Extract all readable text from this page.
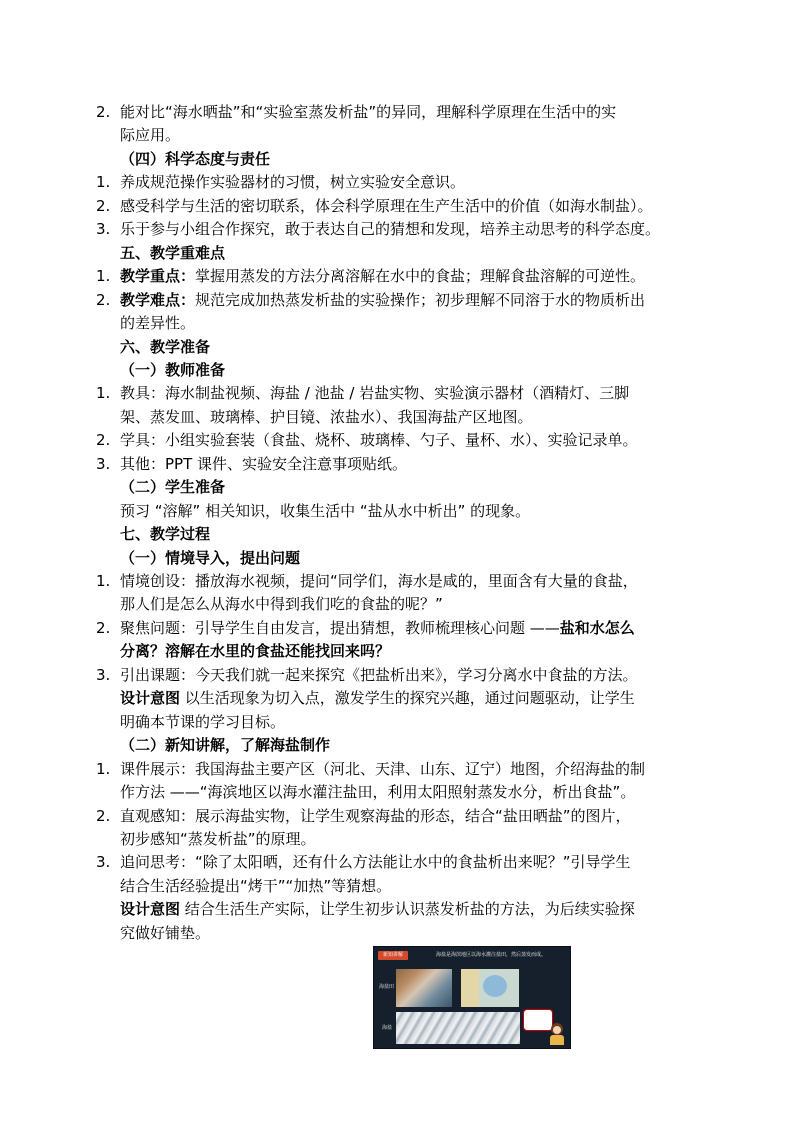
2. 能对比“海水晒盐”和“实验室蒸发析盐”的异同，理解科学原理在生活中的实
际应用。
（四）科学态度与责任
1. 养成规范操作实验器材的习惯，树立实验安全意识。
2. 感受科学与生活的密切联系，体会科学原理在生产生活中的价值（如海水制盐）。
3. 乐于参与小组合作探究，敢于表达自己的猜想和发现，培养主动思考的科学态度。
五、教学重难点
1. 教学重点：掌握用蒸发的方法分离溶解在水中的食盐；理解食盐溶解的可逆性。
2. 教学难点：规范完成加热蒸发析盐的实验操作；初步理解不同溶于水的物质析出
的差异性。
六、教学准备
（一）教师准备
1. 教具：海水制盐视频、海盐 / 池盐 / 岩盐实物、实验演示器材（酒精灯、三脚
架、蒸发皿、玻璃棒、护目镜、浓盐水）、我国海盐产区地图。
2. 学具：小组实验套装（食盐、烧杯、玻璃棒、勺子、量杯、水）、实验记录单。
3. 其他：PPT 课件、实验安全注意事项贴纸。
（二）学生准备
预习 “溶解” 相关知识，收集生活中 “盐从水中析出” 的现象。
七、教学过程
（一）情境导入，提出问题
1. 情境创设：播放海水视频，提问“同学们，海水是咸的，里面含有大量的食盐，
那人们是怎么从海水中得到我们吃的食盐的呢？”
2. 聚焦问题：引导学生自由发言，提出猜想，教师梳理核心问题 ——盐和水怎么
分离？溶解在水里的食盐还能找回来吗？
3. 引出课题：今天我们就一起来探究《把盐析出来》，学习分离水中食盐的方法。
设计意图 以生活现象为切入点，激发学生的探究兴趣，通过问题驱动，让学生
明确本节课的学习目标。
（二）新知讲解，了解海盐制作
1. 课件展示：我国海盐主要产区（河北、天津、山东、辽宁）地图，介绍海盐的制
作方法 ——“海滨地区以海水灌注盐田，利用太阳照射蒸发水分，析出食盐”。
2. 直观感知：展示海盐实物，让学生观察海盐的形态，结合“盐田晒盐”的图片，
初步感知“蒸发析盐”的原理。
3. 追问思考：“除了太阳晒，还有什么方法能让水中的食盐析出来呢？”引导学生
结合生活经验提出“烤干”“加热”等猜想。
设计意图 结合生活生产实际，让学生初步认识蒸发析盐的方法，为后续实验探
究做好铺垫。
新知讲解	海盐是海滨地区以海水灌注盐田，然后蒸发而成。
海盐田
海盐
